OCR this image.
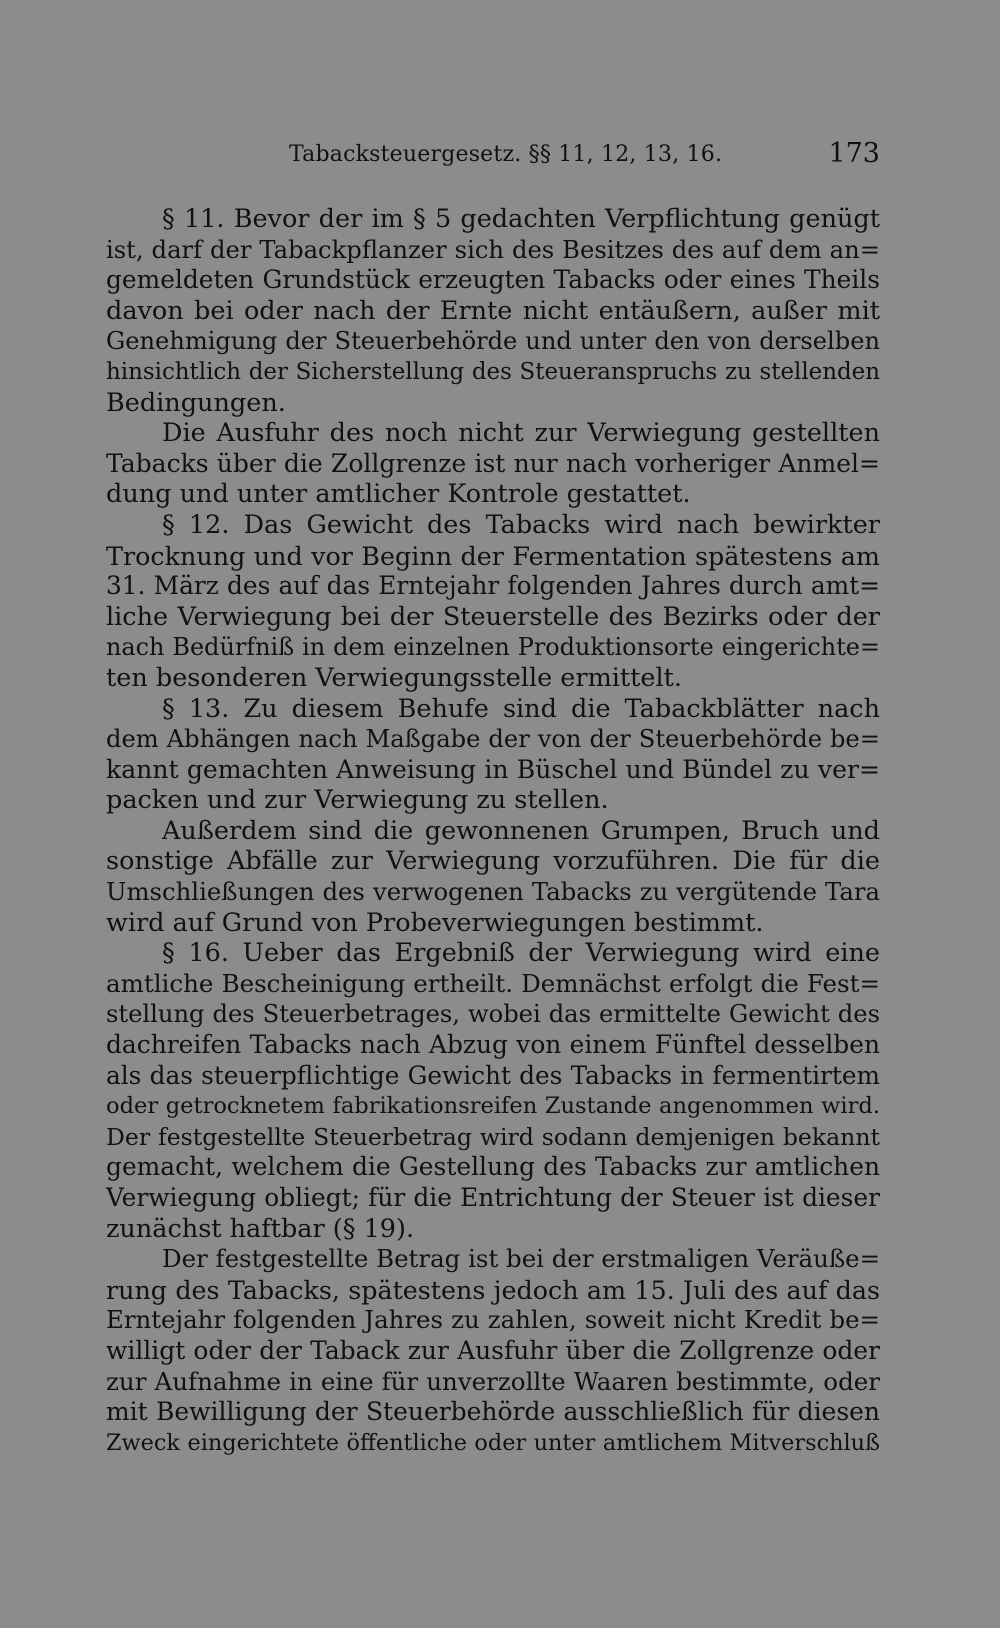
Tabacksteuergesetz. §§ 11, 12, 13, 16.	173
§ 11. Bevor der im § 5 gedachten Verpflichtung genügt
ist, darf der Tabackpflanzer sich des Besitzes des auf dem an=
gemeldeten Grundstück erzeugten Tabacks oder eines Theils
davon bei oder nach der Ernte nicht entäußern, außer mit
Genehmigung der Steuerbehörde und unter den von derselben
hinsichtlich der Sicherstellung des Steueranspruchs zu stellenden
Bedingungen.
Die Ausfuhr des noch nicht zur Verwiegung gestellten
Tabacks über die Zollgrenze ist nur nach vorheriger Anmel=
dung und unter amtlicher Kontrole gestattet.
§ 12. Das Gewicht des Tabacks wird nach bewirkter
Trocknung und vor Beginn der Fermentation spätestens am
31. März des auf das Erntejahr folgenden Jahres durch amt=
liche Verwiegung bei der Steuerstelle des Bezirks oder der
nach Bedürfniß in dem einzelnen Produktionsorte eingerichte=
ten besonderen Verwiegungsstelle ermittelt.
§ 13. Zu diesem Behufe sind die Tabackblätter nach
dem Abhängen nach Maßgabe der von der Steuerbehörde be=
kannt gemachten Anweisung in Büschel und Bündel zu ver=
packen und zur Verwiegung zu stellen.
Außerdem sind die gewonnenen Grumpen, Bruch und
sonstige Abfälle zur Verwiegung vorzuführen. Die für die
Umschließungen des verwogenen Tabacks zu vergütende Tara
wird auf Grund von Probeverwiegungen bestimmt.
§ 16. Ueber das Ergebniß der Verwiegung wird eine
amtliche Bescheinigung ertheilt. Demnächst erfolgt die Fest=
stellung des Steuerbetrages, wobei das ermittelte Gewicht des
dachreifen Tabacks nach Abzug von einem Fünftel desselben
als das steuerpflichtige Gewicht des Tabacks in fermentirtem
oder getrocknetem fabrikationsreifen Zustande angenommen wird.
Der festgestellte Steuerbetrag wird sodann demjenigen bekannt
gemacht, welchem die Gestellung des Tabacks zur amtlichen
Verwiegung obliegt; für die Entrichtung der Steuer ist dieser
zunächst haftbar (§ 19).
Der festgestellte Betrag ist bei der erstmaligen Veräuße=
rung des Tabacks, spätestens jedoch am 15. Juli des auf das
Erntejahr folgenden Jahres zu zahlen, soweit nicht Kredit be=
willigt oder der Taback zur Ausfuhr über die Zollgrenze oder
zur Aufnahme in eine für unverzollte Waaren bestimmte, oder
mit Bewilligung der Steuerbehörde ausschließlich für diesen
Zweck eingerichtete öffentliche oder unter amtlichem Mitverschluß
